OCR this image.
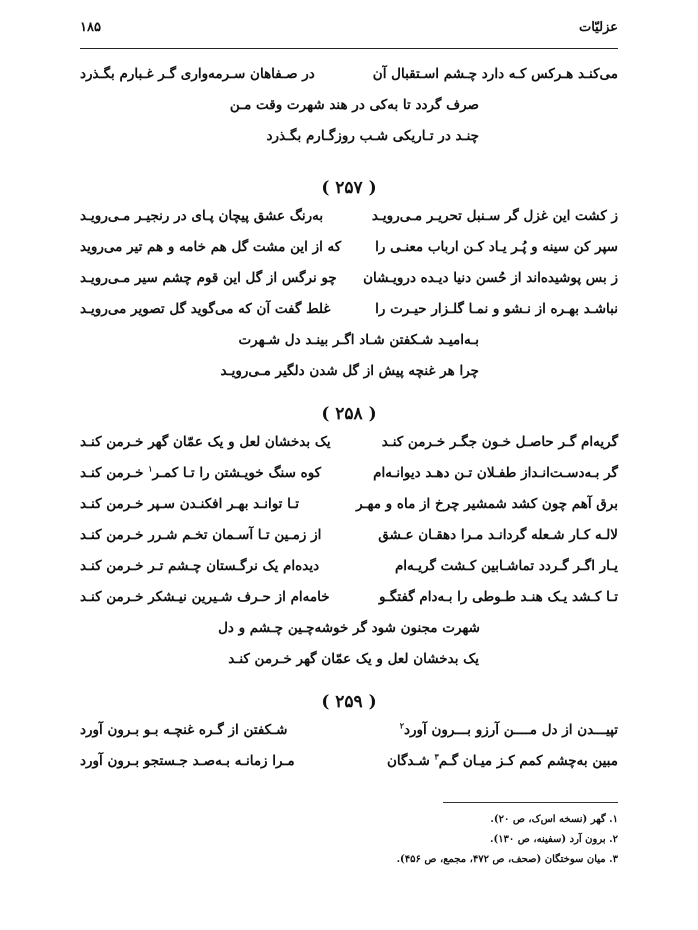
عزلیّات
۱۸۵
می‌کنـد هـرکس کـه دارد چـشم اسـتقبال آن
در صـفاهان سـرمه‌واری گـر غـبارم بگـذرد
صرف گردد تا به‌کی در هند شهرت وقت مـن
چنـد در تـاریکی شـب روزگـارم بگـذرد
( ۲۵۷ )
ز کشت این غزل گر سـنبل تحریـر مـی‌رویـد
به‌رنگ عشق پیچان پـای در رنجیـر مـی‌رویـد
سپر کن سینه و پُـر یـاد کـن ارباب معنـی را
که از این مشت گل هم خامه و هم تیر می‌روید
ز بس پوشیده‌اند از حُسن دنیا دیـده درویـشان
چو نرگس از گل این قوم چشم سیر مـی‌رویـد
نباشـد بهـره از نـشو و نمـا گلـزار حیـرت را
غلط گفت آن که می‌گوید گل تصویر می‌رویـد
بـه‌امیـد شـکفتن شـاد اگـر بینـد دل شـهرت
چرا هر غنچه پیش از گل شدن دلگیر مـی‌رویـد
( ۲۵۸ )
گریه‌ام گـر حاصـل خـون جگـر خـرمن کنـد
یک بدخشان لعل و یک عمّان گهر خـرمن کنـد
گر بـه‌دسـت‌انـداز طفـلان تـن دهـد دیوانـه‌ام
کوه سنگ خویـشتن را تـا کمـر$^۱$ خـرمن کنـد
برق آهم چون کشد شمشیر چرخ از ماه و مهـر
تـا توانـد بهـر افکنـدن سـپر خـرمن کنـد
لالـه کـار شـعله گردانـد مـرا دهقـان عـشق
از زمـین تـا آسـمان تخـم شـرر خـرمن کنـد
یـار اگـر گـردد تماشـابین کـشت گریـه‌ام
دیده‌ام یک نرگـستان چـشم تـر خـرمن کنـد
تـا کـشد یـک هنـد طـوطی را بـه‌دام گفتگـو
خامه‌ام از حـرف شـیرین نیـشکر خـرمن کنـد
شهرت مجنون شود گر خوشه‌چـین چـشم و دل
یک بدخشان لعل و یک عمّان گهر خـرمن کنـد
( ۲۵۹ )
تپیـــدن از دل مــــن آرزو بـــرون آورد$^۲$
شـکفتن از گـره غنچـه بـو بـرون آورد
مبین به‌چشم کمم کـز میـان گـم$^۳$ شـدگان
مـرا زمانـه بـه‌صـد جـستجو بـرون آورد
۱. گهر (نسخه اس‌ک، ص ۲۰).
۲. برون آرد (سفینه، ص ۱۳۰).
۳. میان سوختگان (صحف، ص ۴۷۲، مجمع، ص ۴۵۶).
